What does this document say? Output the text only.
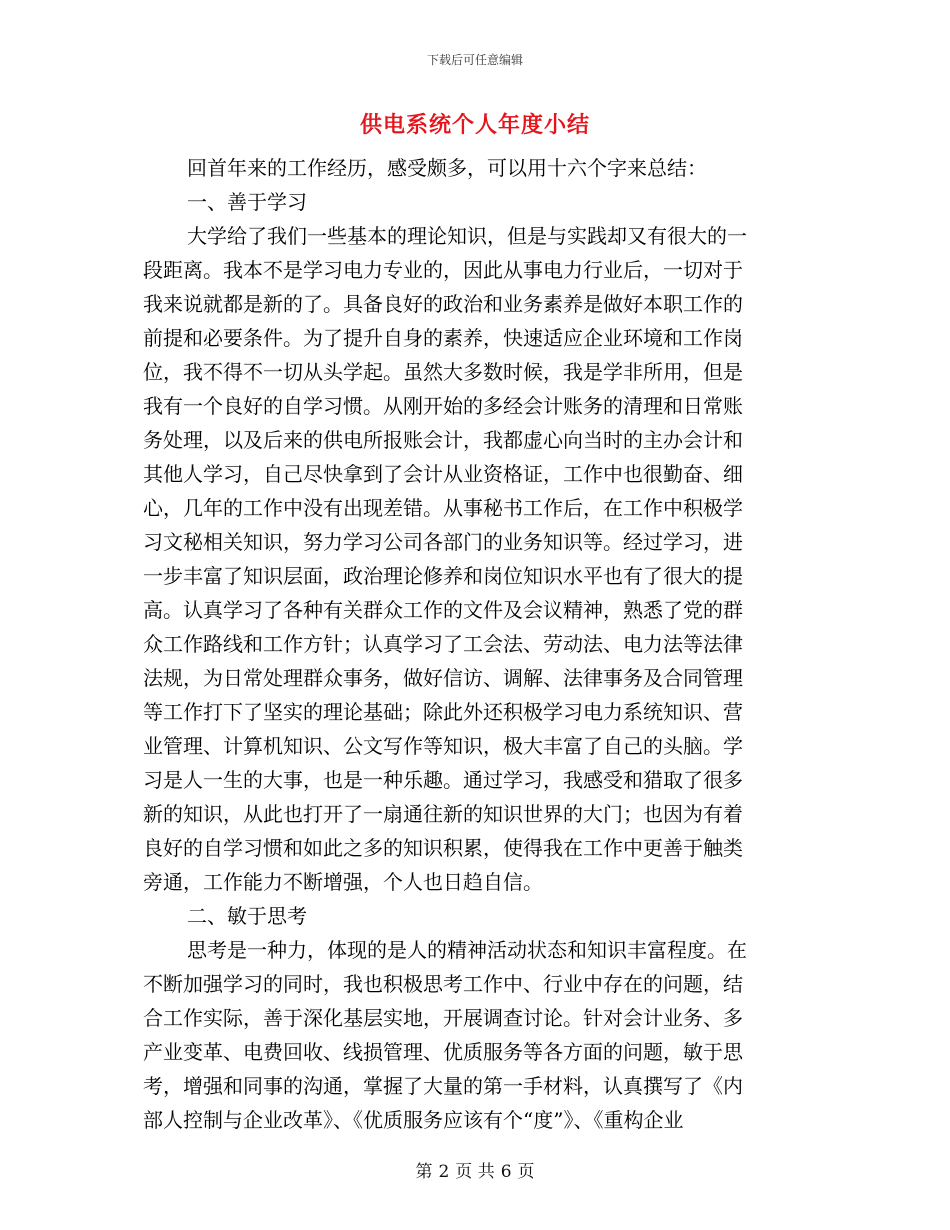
下载后可任意编辑
供电系统个人年度小结
回首年来的工作经历，感受颇多，可以用十六个字来总结：
一、善于学习
大学给了我们一些基本的理论知识，但是与实践却又有很大的一
段距离。我本不是学习电力专业的，因此从事电力行业后，一切对于
我来说就都是新的了。具备良好的政治和业务素养是做好本职工作的
前提和必要条件。为了提升自身的素养，快速适应企业环境和工作岗
位，我不得不一切从头学起。虽然大多数时候，我是学非所用，但是
我有一个良好的自学习惯。从刚开始的多经会计账务的清理和日常账
务处理，以及后来的供电所报账会计，我都虚心向当时的主办会计和
其他人学习，自己尽快拿到了会计从业资格证，工作中也很勤奋、细
心，几年的工作中没有出现差错。从事秘书工作后，在工作中积极学
习文秘相关知识，努力学习公司各部门的业务知识等。经过学习，进
一步丰富了知识层面，政治理论修养和岗位知识水平也有了很大的提
高。认真学习了各种有关群众工作的文件及会议精神，熟悉了党的群
众工作路线和工作方针；认真学习了工会法、劳动法、电力法等法律
法规，为日常处理群众事务，做好信访、调解、法律事务及合同管理
等工作打下了坚实的理论基础；除此外还积极学习电力系统知识、营
业管理、计算机知识、公文写作等知识，极大丰富了自己的头脑。学
习是人一生的大事，也是一种乐趣。通过学习，我感受和猎取了很多
新的知识，从此也打开了一扇通往新的知识世界的大门；也因为有着
良好的自学习惯和如此之多的知识积累，使得我在工作中更善于触类
旁通，工作能力不断增强，个人也日趋自信。
二、敏于思考
思考是一种力，体现的是人的精神活动状态和知识丰富程度。在
不断加强学习的同时，我也积极思考工作中、行业中存在的问题，结
合工作实际，善于深化基层实地，开展调查讨论。针对会计业务、多
产业变革、电费回收、线损管理、优质服务等各方面的问题，敏于思
考，增强和同事的沟通，掌握了大量的第一手材料，认真撰写了《内
部人控制与企业改革》、《优质服务应该有个“度”》、《重构企业
第 2 页 共 6 页
